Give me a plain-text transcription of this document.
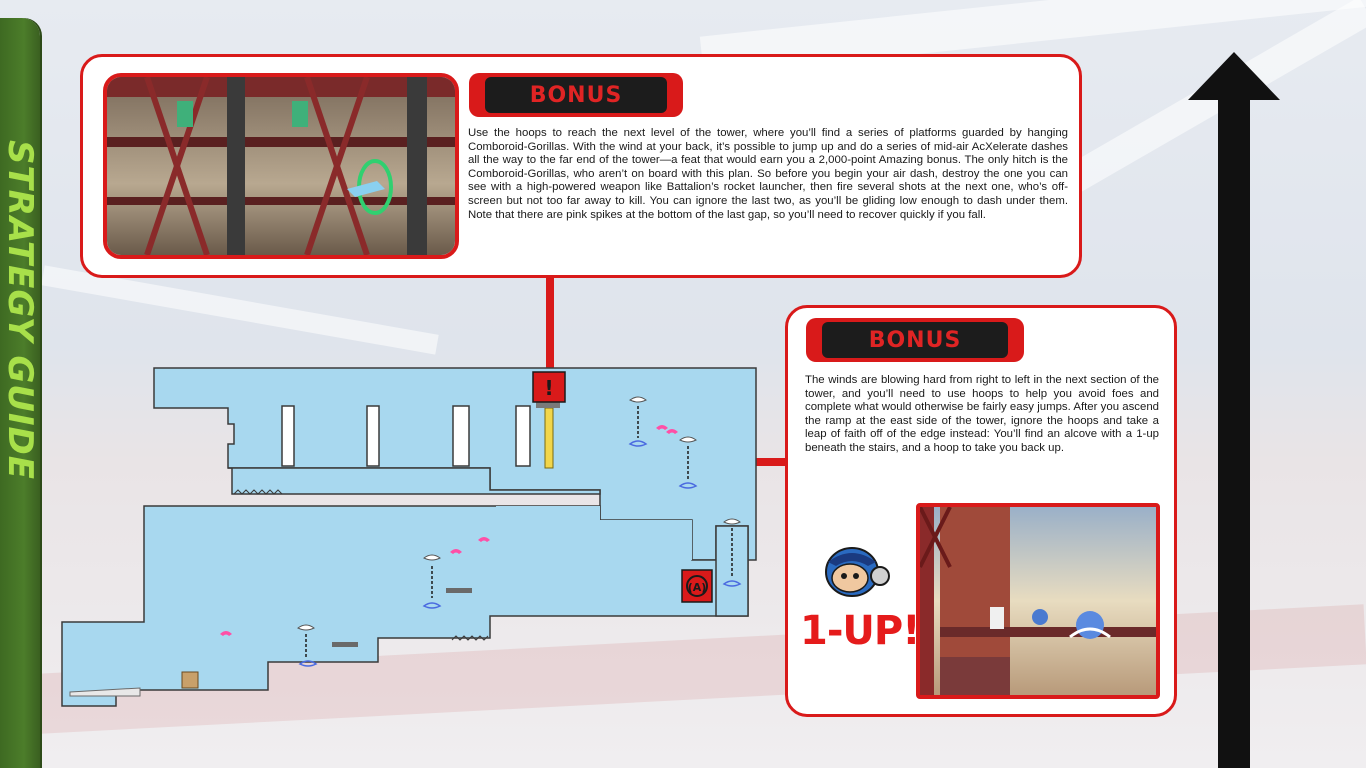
STRATEGY GUIDE	!
(A)
BONUS
Use the hoops to reach the next level of the tower, where you’ll find a series of platforms guarded by hanging Comboroid-Gorillas. With the wind at your back, it’s possible to jump up and do a series of mid-air AcXelerate dashes all the way to the far end of the tower—a feat that would earn you a 2,000-point Amazing bonus. The only hitch is the Comboroid-Gorillas, who aren’t on board with this plan. So before you begin your air dash, destroy the one you can see with a high-powered weapon like Battalion’s rocket launcher, then fire several shots at the next one, who’s off-screen but not too far away to kill. You can ignore the last two, as you’ll be gliding low enough to dash under them. Note that there are pink spikes at the bottom of the last gap, so you’ll need to recover quickly if you fall.
BONUS
The winds are blowing hard from right to left in the next section of the tower, and you’ll need to use hoops to help you avoid foes and complete what would otherwise be fairly easy jumps. After you ascend the ramp at the east side of the tower, ignore the hoops and take a leap of faith off of the edge instead: You’ll find an alcove with a 1-up beneath the stairs, and a hoop to take you back up.
1-UP!
